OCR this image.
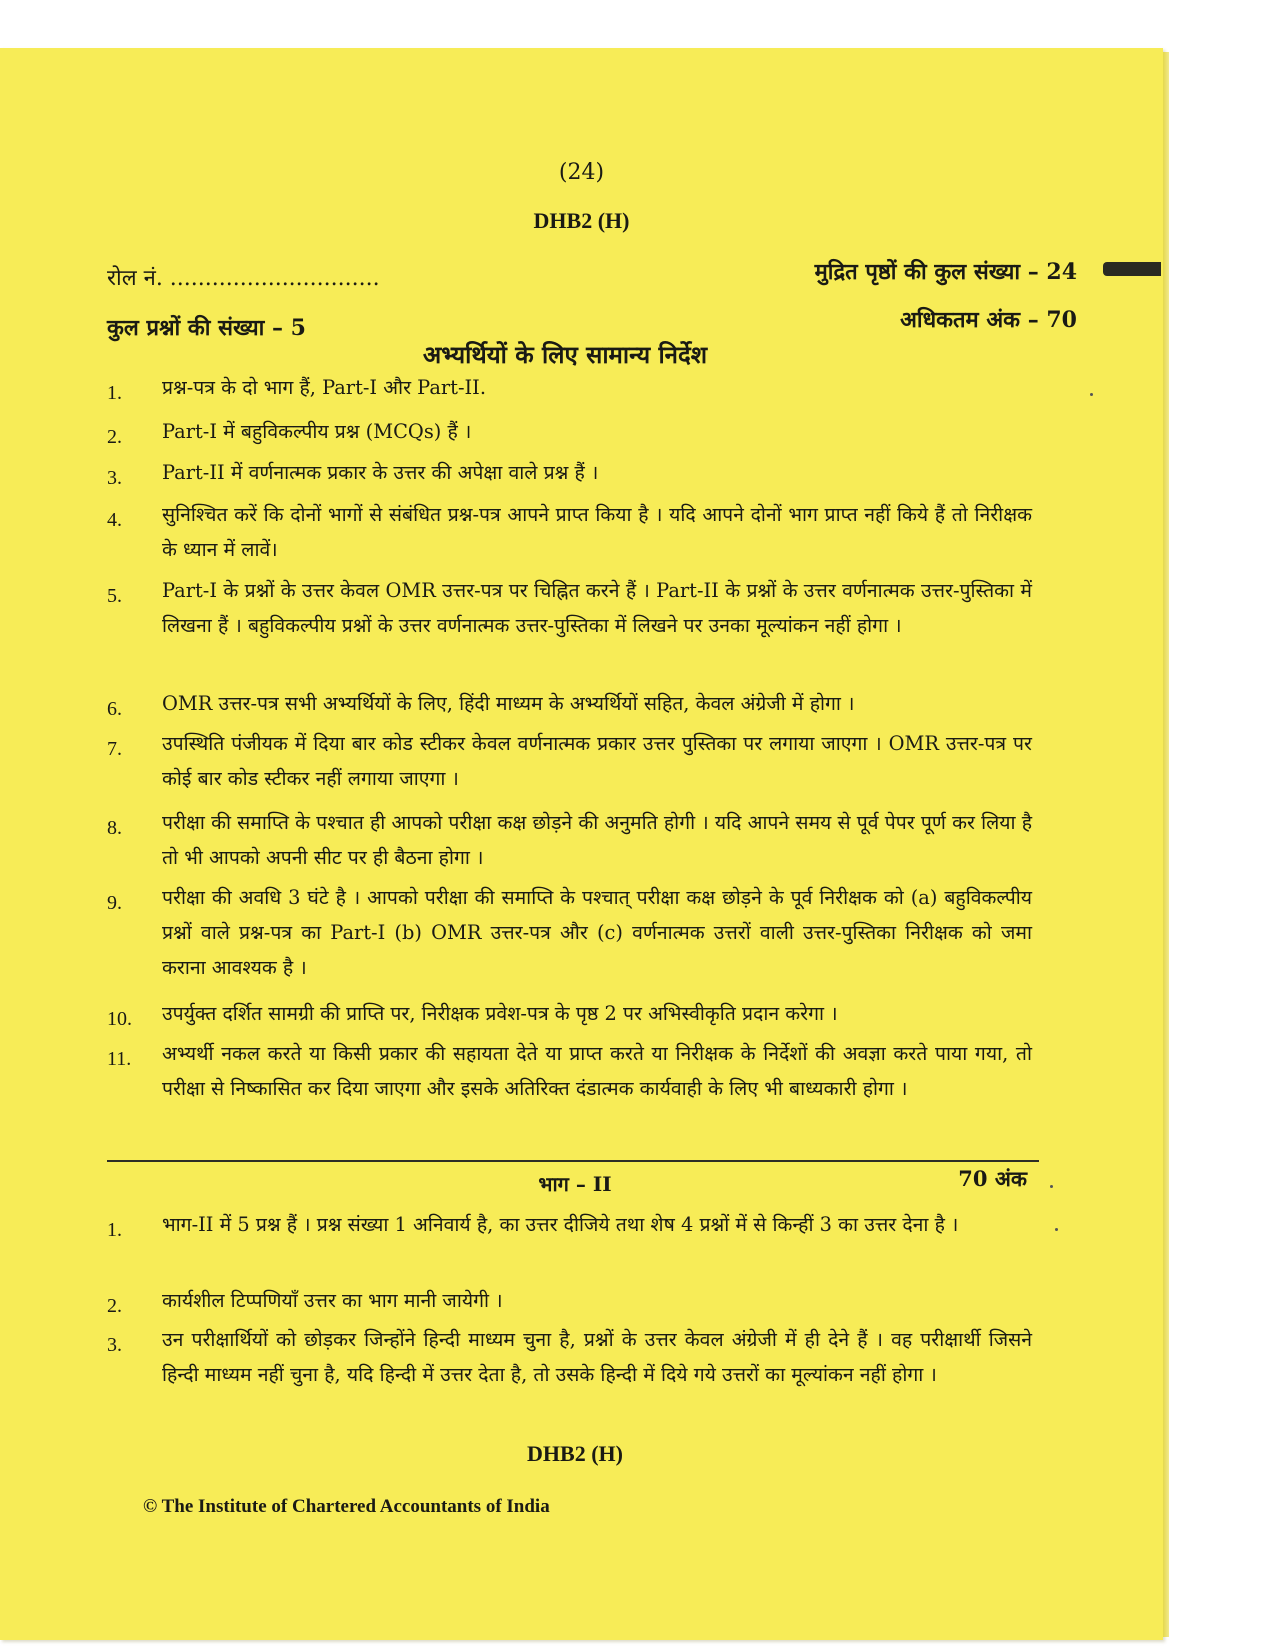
(24)
DHB2 (H)
रोल नं. ..............................	मुद्रित पृष्ठों की कुल संख्या – 24
कुल प्रश्नों की संख्या – 5	अधिकतम अंक – 70
अभ्यर्थियों के लिए सामान्य निर्देश
1. प्रश्न-पत्र के दो भाग हैं, Part-I और Part-II.
2. Part-I में बहुविकल्पीय प्रश्न (MCQs) हैं ।
3. Part-II में वर्णनात्मक प्रकार के उत्तर की अपेक्षा वाले प्रश्न हैं ।
4. सुनिश्चित करें कि दोनों भागों से संबंधित प्रश्न-पत्र आपने प्राप्त किया है । यदि आपने दोनों भाग प्राप्त नहीं किये हैं तो निरीक्षक के ध्यान में लावें।
5. Part-I के प्रश्नों के उत्तर केवल OMR उत्तर-पत्र पर चिह्नित करने हैं । Part-II के प्रश्नों के उत्तर वर्णनात्मक उत्तर-पुस्तिका में लिखना हैं । बहुविकल्पीय प्रश्नों के उत्तर वर्णनात्मक उत्तर-पुस्तिका में लिखने पर उनका मूल्यांकन नहीं होगा ।
6. OMR उत्तर-पत्र सभी अभ्यर्थियों के लिए, हिंदी माध्यम के अभ्यर्थियों सहित, केवल अंग्रेजी में होगा ।
7. उपस्थिति पंजीयक में दिया बार कोड स्टीकर केवल वर्णनात्मक प्रकार उत्तर पुस्तिका पर लगाया जाएगा । OMR उत्तर-पत्र पर कोई बार कोड स्टीकर नहीं लगाया जाएगा ।
8. परीक्षा की समाप्ति के पश्चात ही आपको परीक्षा कक्ष छोड़ने की अनुमति होगी । यदि आपने समय से पूर्व पेपर पूर्ण कर लिया है तो भी आपको अपनी सीट पर ही बैठना होगा ।
9. परीक्षा की अवधि 3 घंटे है । आपको परीक्षा की समाप्ति के पश्चात् परीक्षा कक्ष छोड़ने के पूर्व निरीक्षक को (a) बहुविकल्पीय प्रश्नों वाले प्रश्न-पत्र का Part-I (b) OMR उत्तर-पत्र और (c) वर्णनात्मक उत्तरों वाली उत्तर-पुस्तिका निरीक्षक को जमा कराना आवश्यक है ।
10. उपर्युक्त दर्शित सामग्री की प्राप्ति पर, निरीक्षक प्रवेश-पत्र के पृष्ठ 2 पर अभिस्वीकृति प्रदान करेगा ।
11. अभ्यर्थी नकल करते या किसी प्रकार की सहायता देते या प्राप्त करते या निरीक्षक के निर्देशों की अवज्ञा करते पाया गया, तो परीक्षा से निष्कासित कर दिया जाएगा और इसके अतिरिक्त दंडात्मक कार्यवाही के लिए भी बाध्यकारी होगा ।
भाग – II	70 अंक
1. भाग-II में 5 प्रश्न हैं । प्रश्न संख्या 1 अनिवार्य है, का उत्तर दीजिये तथा शेष 4 प्रश्नों में से किन्हीं 3 का उत्तर देना है ।
2. कार्यशील टिप्पणियाँ उत्तर का भाग मानी जायेगी ।
3. उन परीक्षार्थियों को छोड़कर जिन्होंने हिन्दी माध्यम चुना है, प्रश्नों के उत्तर केवल अंग्रेजी में ही देने हैं । वह परीक्षार्थी जिसने हिन्दी माध्यम नहीं चुना है, यदि हिन्दी में उत्तर देता है, तो उसके हिन्दी में दिये गये उत्तरों का मूल्यांकन नहीं होगा ।
DHB2 (H)
© The Institute of Chartered Accountants of India
